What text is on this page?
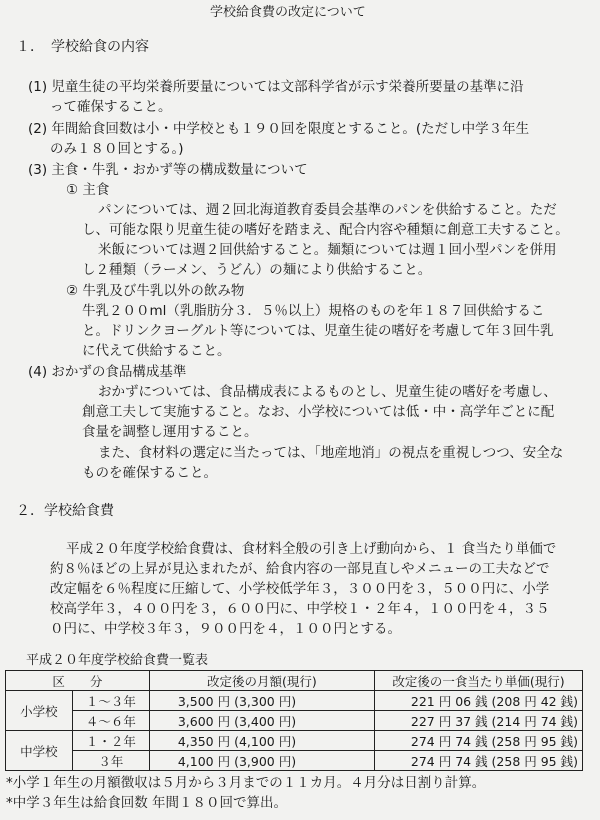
学校給食費の改定について
１．　学校給食の内容
(1) 児童生徒の平均栄養所要量については文部科学省が示す栄養所要量の基準に沿
って確保すること。
(2) 年間給食回数は小・中学校とも１９０回を限度とすること。(ただし中学３年生
のみ１８０回とする。)
(3) 主食・牛乳・おかず等の構成数量について
① 主食
パンについては、週２回北海道教育委員会基準のパンを供給すること。ただ
し、可能な限り児童生徒の嗜好を踏まえ、配合内容や種類に創意工夫すること。
米飯については週２回供給すること。麺類については週１回小型パンを併用
し２種類（ラーメン、うどん）の麺により供給すること。
② 牛乳及び牛乳以外の飲み物
牛乳２００ml（乳脂肪分３．５％以上）規格のものを年１８７回供給するこ
と。ドリンクヨーグルト等については、児童生徒の嗜好を考慮して年３回牛乳
に代えて供給すること。
(4) おかずの食品構成基準
おかずについては、食品構成表によるものとし、児童生徒の嗜好を考慮し、
創意工夫して実施すること。なお、小学校については低・中・高学年ごとに配
食量を調整し運用すること。
また、食材料の選定に当たっては、「地産地消」の視点を重視しつつ、安全な
ものを確保すること。
２．学校給食費
平成２０年度学校給食費は、食材料全般の引き上げ動向から、１ 食当たり単価で
約８％ほどの上昇が見込まれたが、給食内容の一部見直しやメニューの工夫などで
改定幅を６％程度に圧縮して、小学校低学年３，３００円を３，５００円に、小学
校高学年３，４００円を３，６００円に、中学校１・２年４，１００円を４，３５
０円に、中学校３年３，９００円を４，１００円とする。
平成２０年度学校給食費一覧表
区　　分		改定後の月額(現行)	改定後の一食当たり単価(現行)
小学校	１〜３年	3,500 円 (3,300 円)	221 円 06 銭 (208 円 42 銭)
	４〜６年	3,600 円 (3,400 円)	227 円 37 銭 (214 円 74 銭)
中学校	１・２年	4,350 円 (4,100 円)	274 円 74 銭 (258 円 95 銭)
	３年	4,100 円 (3,900 円)	274 円 74 銭 (258 円 95 銭)
*小学１年生の月額徴収は５月から３月までの１１カ月。４月分は日割り計算。
*中学３年生は給食回数 年間１８０回で算出。
